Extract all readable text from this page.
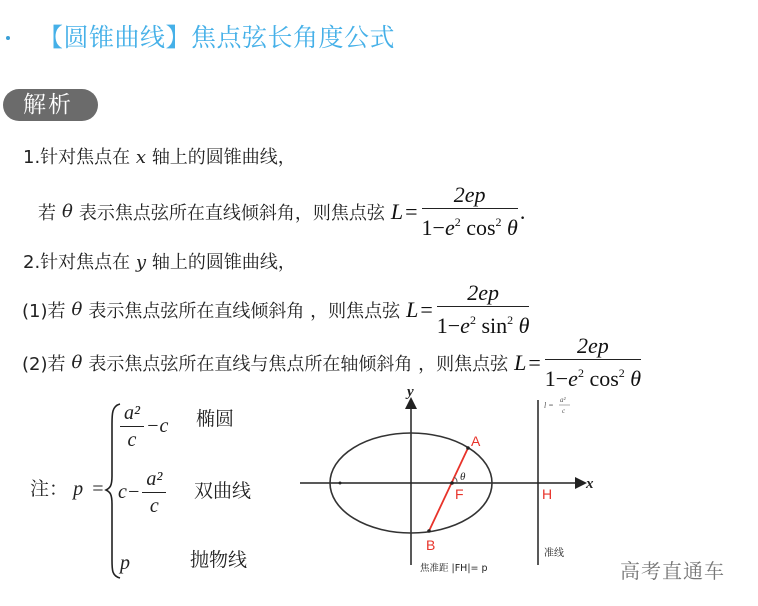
【圆锥曲线】焦点弦长角度公式
解析
1.针对焦点在 x 轴上的圆锥曲线，
若 θ 表示焦点弦所在直线倾斜角，则焦点弦 $L = \frac{2ep}{1-e^2 \cos^2 \theta}$ .
2.针对焦点在 y 轴上的圆锥曲线，
(1)若 θ 表示焦点弦所在直线倾斜角 ，则焦点弦 $L = \frac{2ep}{1-e^2 \sin^2 \theta}$
(2)若 θ 表示焦点弦所在直线与焦点所在轴倾斜角 ，则焦点弦 $L = \frac{2ep}{1-e^2 \cos^2 \theta}$
注： p =
$\frac{\text{a²}}{c} -c$ 椭圆
$c- \frac{\text{a²}}{c}$ 双曲线
p	抛物线
y
x
A
B
F	H
θ
l =
a²
c
准线
焦准距 |FH|= p	高考直通车
